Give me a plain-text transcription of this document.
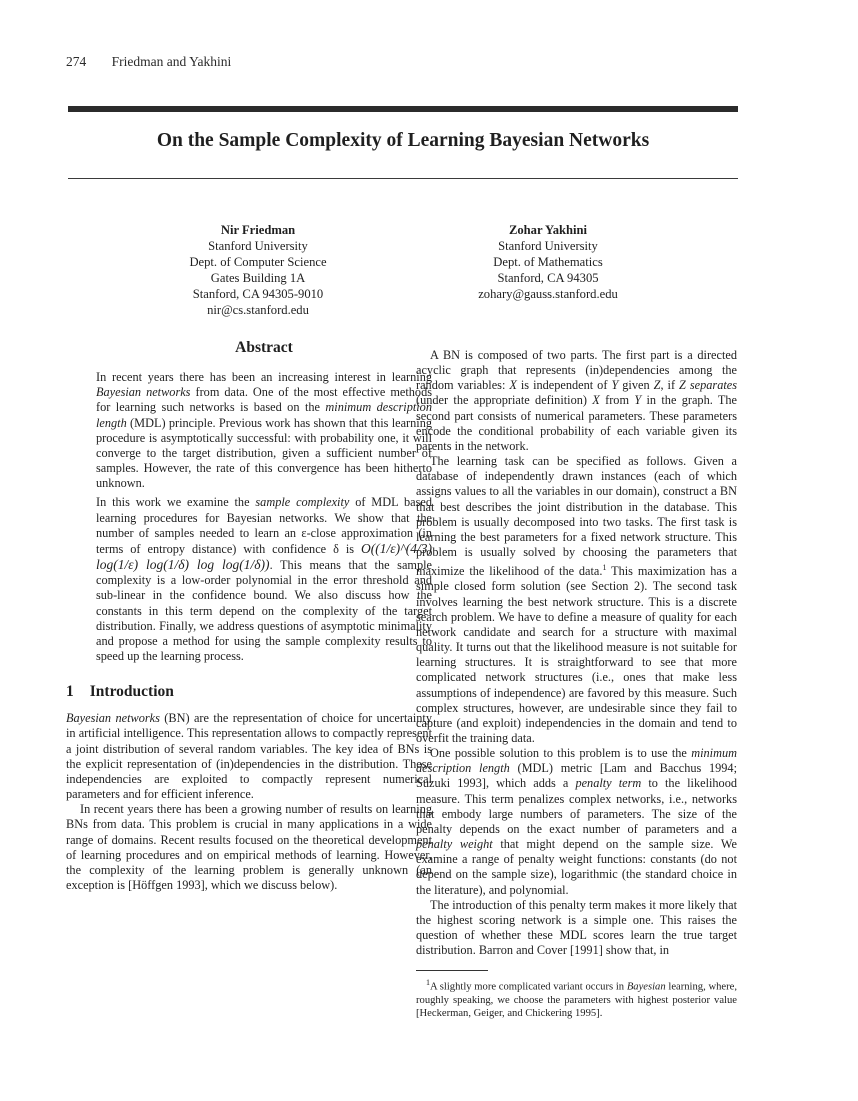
274 Friedman and Yakhini
On the Sample Complexity of Learning Bayesian Networks
Nir Friedman
Stanford University
Dept. of Computer Science
Gates Building 1A
Stanford, CA 94305-9010
nir@cs.stanford.edu
Zohar Yakhini
Stanford University
Dept. of Mathematics
Stanford, CA 94305
zohary@gauss.stanford.edu
Abstract

In recent years there has been an increasing interest in learning Bayesian networks from data. One of the most effective methods for learning such networks is based on the minimum description length (MDL) principle. Previous work has shown that this learning procedure is asymptotically successful: with probability one, it will converge to the target distribution, given a sufficient number of samples. However, the rate of this convergence has been hitherto unknown.

In this work we examine the sample complexity of MDL based learning procedures for Bayesian networks. We show that the number of samples needed to learn an ε-close approximation (in terms of entropy distance) with confidence δ is O((1/ε)^(4/3) log(1/ε) log(1/δ) log log(1/δ)). This means that the sample complexity is a low-order polynomial in the error threshold and sub-linear in the confidence bound. We also discuss how the constants in this term depend on the complexity of the target distribution. Finally, we address questions of asymptotic minimality and propose a method for using the sample complexity results to speed up the learning process.

1 Introduction

Bayesian networks (BN) are the representation of choice for uncertainty in artificial intelligence. This representation allows to compactly represent a joint distribution of several random variables. The key idea of BNs is the explicit representation of (in)dependencies in the distribution. These independencies are exploited to compactly represent numerical parameters and for efficient inference.

In recent years there has been a growing number of results on learning BNs from data. This problem is crucial in many applications in a wide range of domains. Recent results focused on the theoretical development of learning procedures and on empirical methods of learning. However, the complexity of the learning problem is generally unknown (an exception is [Höffgen 1993], which we discuss below).

A BN is composed of two parts. The first part is a directed acyclic graph that represents (in)dependencies among the random variables: X is independent of Y given Z, if Z separates (under the appropriate definition) X from Y in the graph. The second part consists of numerical parameters. These parameters encode the conditional probability of each variable given its parents in the network.

The learning task can be specified as follows. Given a database of independently drawn instances (each of which assigns values to all the variables in our domain), construct a BN that best describes the joint distribution in the database. This problem is usually decomposed into two tasks. The first task is learning the best parameters for a fixed network structure. This problem is usually solved by choosing the parameters that maximize the likelihood of the data.$^1$ This maximization has a simple closed form solution (see Section 2). The second task involves learning the best network structure. This is a discrete search problem. We have to define a measure of quality for each network candidate and search for a structure with maximal quality. It turns out that the likelihood measure is not suitable for learning structures. It is straightforward to see that more complicated network structures (i.e., ones that make less assumptions of independence) are favored by this measure. Such complex structures, however, are undesirable since they fail to capture (and exploit) independencies in the domain and tend to overfit the training data.

One possible solution to this problem is to use the minimum description length (MDL) metric [Lam and Bacchus 1994; Suzuki 1993], which adds a penalty term to the likelihood measure. This term penalizes complex networks, i.e., networks that embody large numbers of parameters. The size of the penalty depends on the exact number of parameters and a penalty weight that might depend on the sample size. We examine a range of penalty weight functions: constants (do not depend on the sample size), logarithmic (the standard choice in the literature), and polynomial.

The introduction of this penalty term makes it more likely that the highest scoring network is a simple one. This raises the question of whether these MDL scores learn the true target distribution. Barron and Cover [1991] show that, in

$^1$A slightly more complicated variant occurs in Bayesian learning, where, roughly speaking, we choose the parameters with highest posterior value [Heckerman, Geiger, and Chickering 1995].
